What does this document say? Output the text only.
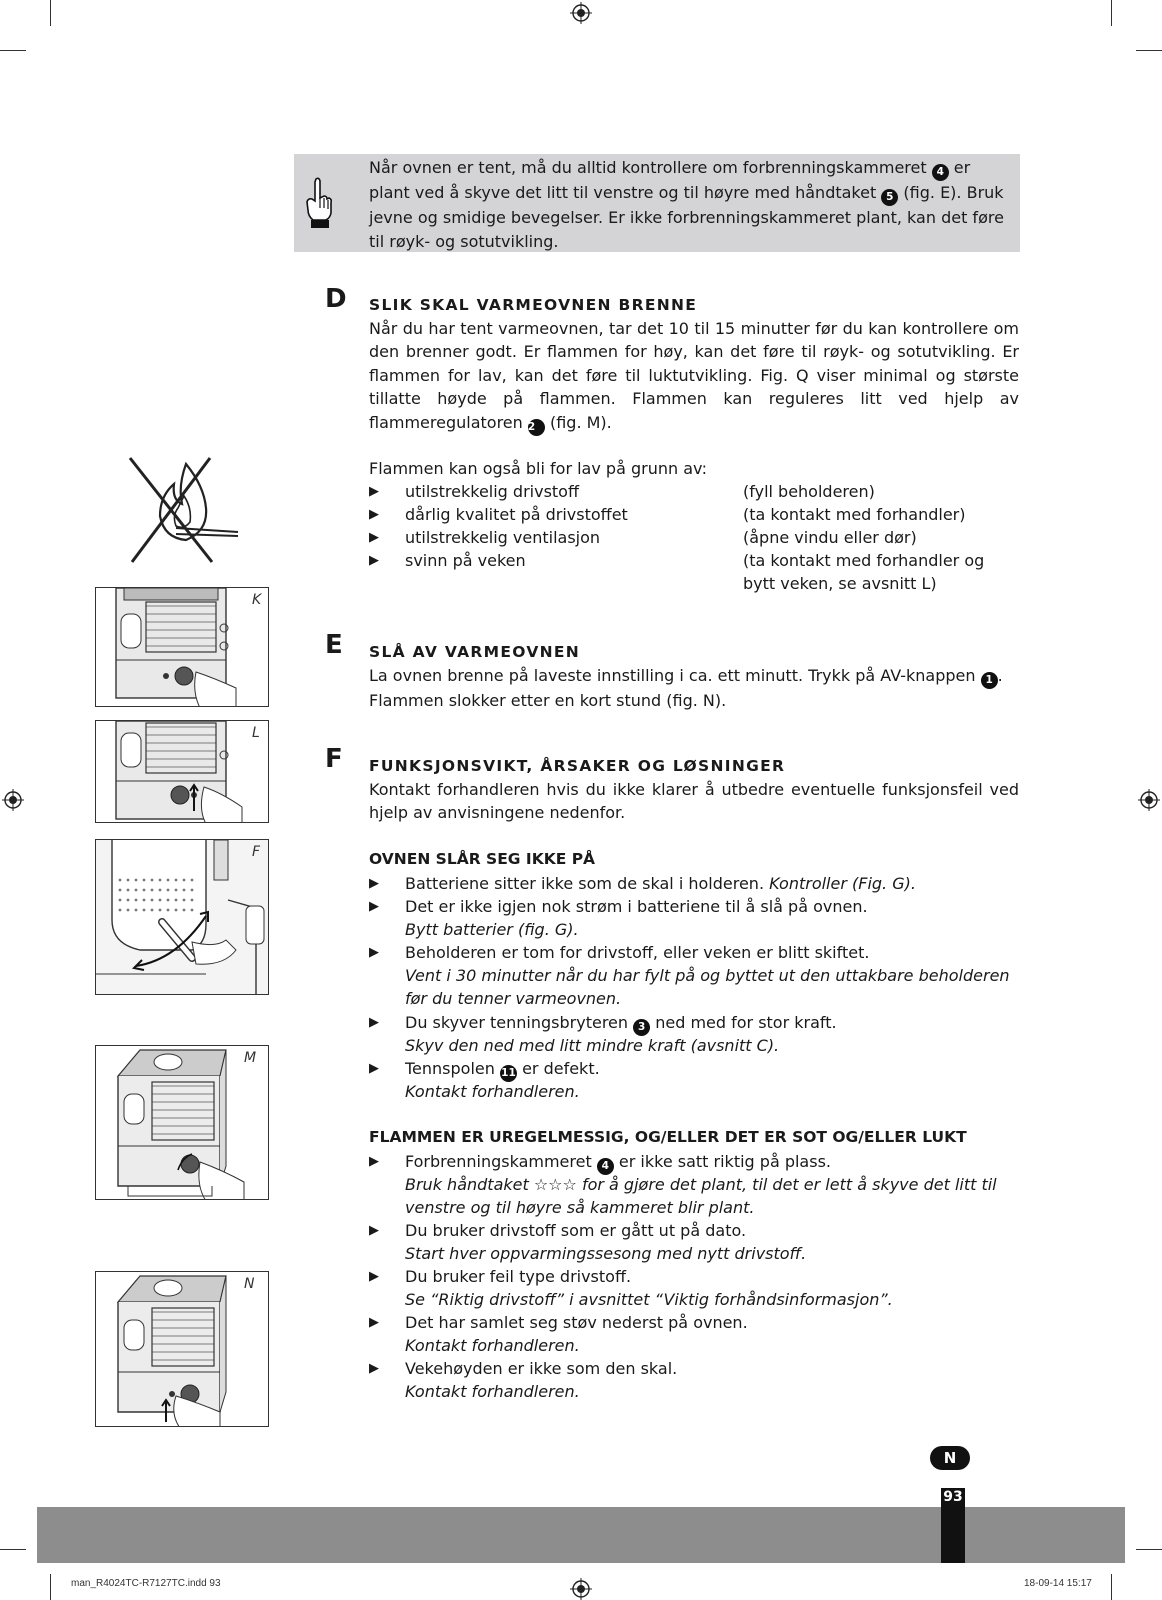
Når ovnen er tent, må du alltid kontrollere om forbrenningskammeret 4 er
plant ved å skyve det litt til venstre og til høyre med håndtaket 5 (fig. E). Bruk
jevne og smidige bevegelser. Er ikke forbrenningskammeret plant, kan det føre
til røyk- og sotutvikling.
D SLIK SKAL VARMEOVNEN BRENNE
Når du har tent varmeovnen, tar det 10 til 15 minutter før du kan kontrollere om den brenner godt. Er flammen for høy, kan det føre til røyk- og sotutvikling. Er flammen for lav, kan det føre til luktutvikling. Fig. Q viser minimal og største tillatte høyde på flammen. Flammen kan reguleres litt ved hjelp av flammeregulatoren 2 (fig. M).
Flammen kan også bli for lav på grunn av:
▶ utilstrekkelig drivstoff	(fyll beholderen)
▶ dårlig kvalitet på drivstoffet	(ta kontakt med forhandler)
▶ utilstrekkelig ventilasjon	(åpne vindu eller dør)
▶ svinn på veken	(ta kontakt med forhandler og
bytt veken, se avsnitt L)
E SLÅ AV VARMEOVNEN
La ovnen brenne på laveste innstilling i ca. ett minutt. Trykk på AV-knappen 1 .
Flammen slokker etter en kort stund (fig. N).
F FUNKSJONSVIKT, ÅRSAKER OG LØSNINGER
Kontakt forhandleren hvis du ikke klarer å utbedre eventuelle funksjonsfeil ved hjelp av anvisningene nedenfor.
OVNEN SLÅR SEG IKKE PÅ
▶ Batteriene sitter ikke som de skal i holderen. Kontroller (Fig. G).
▶ Det er ikke igjen nok strøm i batteriene til å slå på ovnen.
Bytt batterier (fig. G).
▶ Beholderen er tom for drivstoff, eller veken er blitt skiftet.
Vent i 30 minutter når du har fylt på og byttet ut den uttakbare beholderen
før du tenner varmeovnen.
▶ Du skyver tenningsbryteren 3 ned med for stor kraft.
Skyv den ned med litt mindre kraft (avsnitt C).
▶ Tennspolen 11 er defekt.
Kontakt forhandleren.
FLAMMEN ER UREGELMESSIG, OG/ELLER DET ER SOT OG/ELLER LUKT
▶ Forbrenningskammeret 4 er ikke satt riktig på plass.
Bruk håndtaket ☆☆☆ for å gjøre det plant, til det er lett å skyve det litt til
venstre og til høyre så kammeret blir plant.
▶ Du bruker drivstoff som er gått ut på dato.
Start hver oppvarmingssesong med nytt drivstoff.
▶ Du bruker feil type drivstoff.
Se “Riktig drivstoff” i avsnittet “Viktig forhåndsinformasjon”.
▶ Det har samlet seg støv nederst på ovnen.
Kontakt forhandleren.
▶ Vekehøyden er ikke som den skal.
Kontakt forhandleren.
K
L
F
M
N
N
93
man_R4024TC-R7127TC.indd 93	18-09-14 15:17
